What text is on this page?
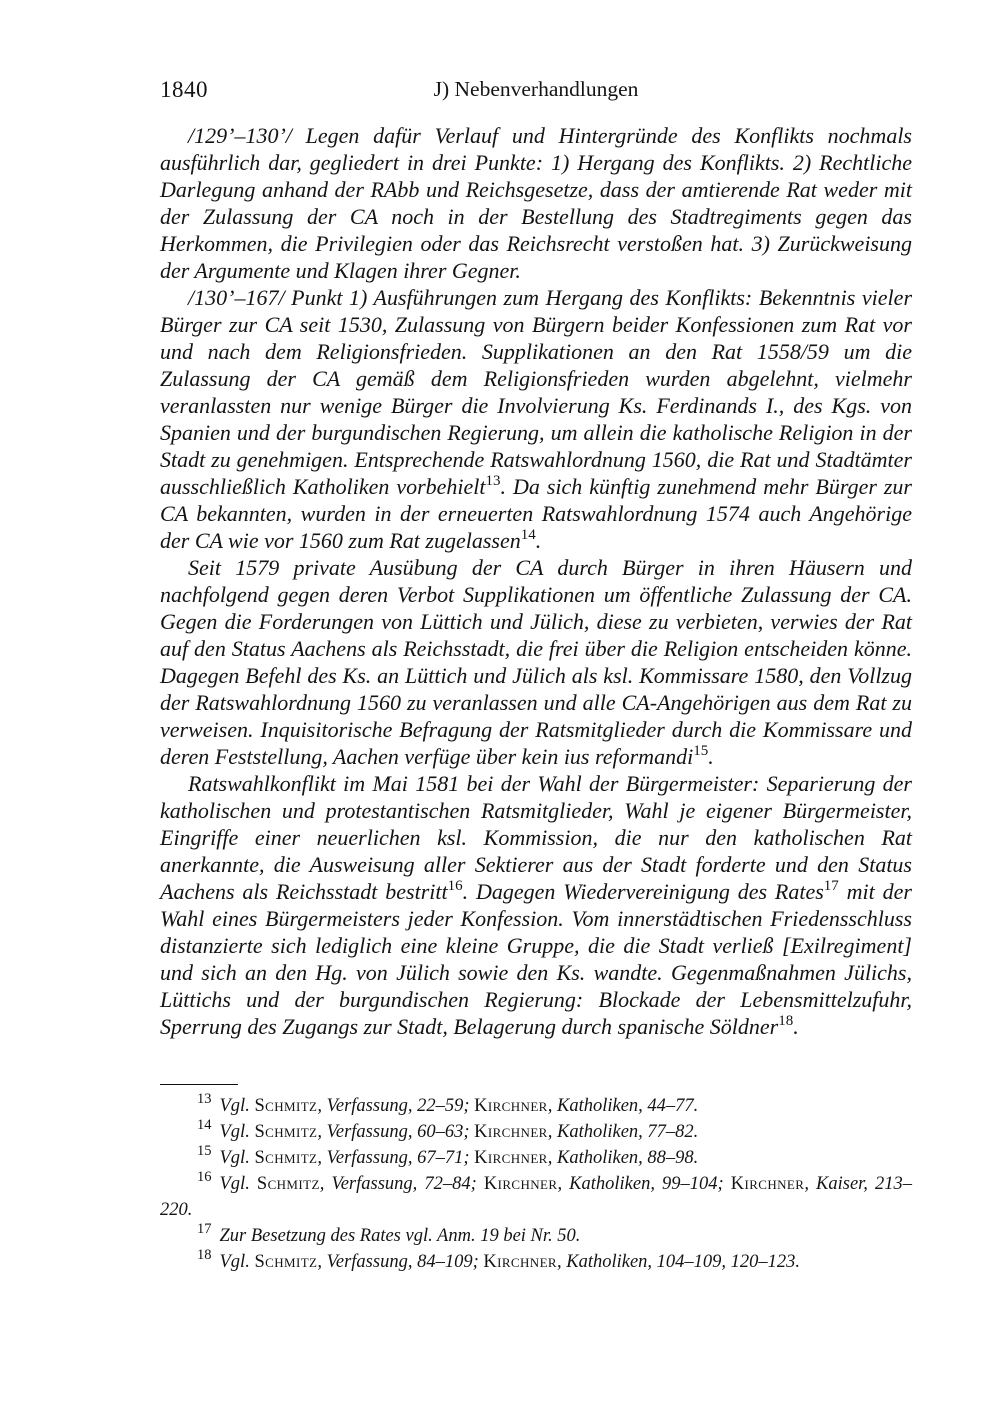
1840	J) Nebenverhandlungen

/129’–130’/ Legen dafür Verlauf und Hintergründe des Konflikts nochmals ausführlich dar, gegliedert in drei Punkte: 1) Hergang des Konflikts. 2) Rechtliche Darlegung anhand der RAbb und Reichsgesetze, dass der amtierende Rat weder mit der Zulassung der CA noch in der Bestellung des Stadtregiments gegen das Herkommen, die Privilegien oder das Reichsrecht verstoßen hat. 3) Zurückweisung der Argumente und Klagen ihrer Gegner.

/130’–167/ Punkt 1) Ausführungen zum Hergang des Konflikts: Bekenntnis vieler Bürger zur CA seit 1530, Zulassung von Bürgern beider Konfessionen zum Rat vor und nach dem Religionsfrieden. Supplikationen an den Rat 1558/59 um die Zulassung der CA gemäß dem Religionsfrieden wurden abgelehnt, vielmehr veranlassten nur wenige Bürger die Involvierung Ks. Ferdinands I., des Kgs. von Spanien und der burgundischen Regierung, um allein die katholische Religion in der Stadt zu genehmigen. Entsprechende Ratswahlordnung 1560, die Rat und Stadtämter ausschließlich Katholiken vorbehielt$^{13}$. Da sich künftig zunehmend mehr Bürger zur CA bekannten, wurden in der erneuerten Ratswahlordnung 1574 auch Angehörige der CA wie vor 1560 zum Rat zugelassen$^{14}$.

Seit 1579 private Ausübung der CA durch Bürger in ihren Häusern und nachfolgend gegen deren Verbot Supplikationen um öffentliche Zulassung der CA. Gegen die Forderungen von Lüttich und Jülich, diese zu verbieten, verwies der Rat auf den Status Aachens als Reichsstadt, die frei über die Religion entscheiden könne. Dagegen Befehl des Ks. an Lüttich und Jülich als ksl. Kommissare 1580, den Vollzug der Ratswahlordnung 1560 zu veranlassen und alle CA-Angehörigen aus dem Rat zu verweisen. Inquisitorische Befragung der Ratsmitglieder durch die Kommissare und deren Feststellung, Aachen verfüge über kein ius reformandi$^{15}$.

Ratswahlkonflikt im Mai 1581 bei der Wahl der Bürgermeister: Separierung der katholischen und protestantischen Ratsmitglieder, Wahl je eigener Bürgermeister, Eingriffe einer neuerlichen ksl. Kommission, die nur den katholischen Rat anerkannte, die Ausweisung aller Sektierer aus der Stadt forderte und den Status Aachens als Reichsstadt bestritt$^{16}$. Dagegen Wiedervereinigung des Rates$^{17}$ mit der Wahl eines Bürgermeisters jeder Konfession. Vom innerstädtischen Friedensschluss distanzierte sich lediglich eine kleine Gruppe, die die Stadt verließ [Exilregiment] und sich an den Hg. von Jülich sowie den Ks. wandte. Gegenmaßnahmen Jülichs, Lüttichs und der burgundischen Regierung: Blockade der Lebensmittelzufuhr, Sperrung des Zugangs zur Stadt, Belagerung durch spanische Söldner$^{18}$.

$^{13}$ Vgl. Schmitz, Verfassung, 22–59; Kirchner, Katholiken, 44–77.

$^{14}$ Vgl. Schmitz, Verfassung, 60–63; Kirchner, Katholiken, 77–82.

$^{15}$ Vgl. Schmitz, Verfassung, 67–71; Kirchner, Katholiken, 88–98.

$^{16}$ Vgl. Schmitz, Verfassung, 72–84; Kirchner, Katholiken, 99–104; Kirchner, Kaiser, 213–220.

$^{17}$ Zur Besetzung des Rates vgl. Anm. 19 bei Nr. 50.

$^{18}$ Vgl. Schmitz, Verfassung, 84–109; Kirchner, Katholiken, 104–109, 120–123.
